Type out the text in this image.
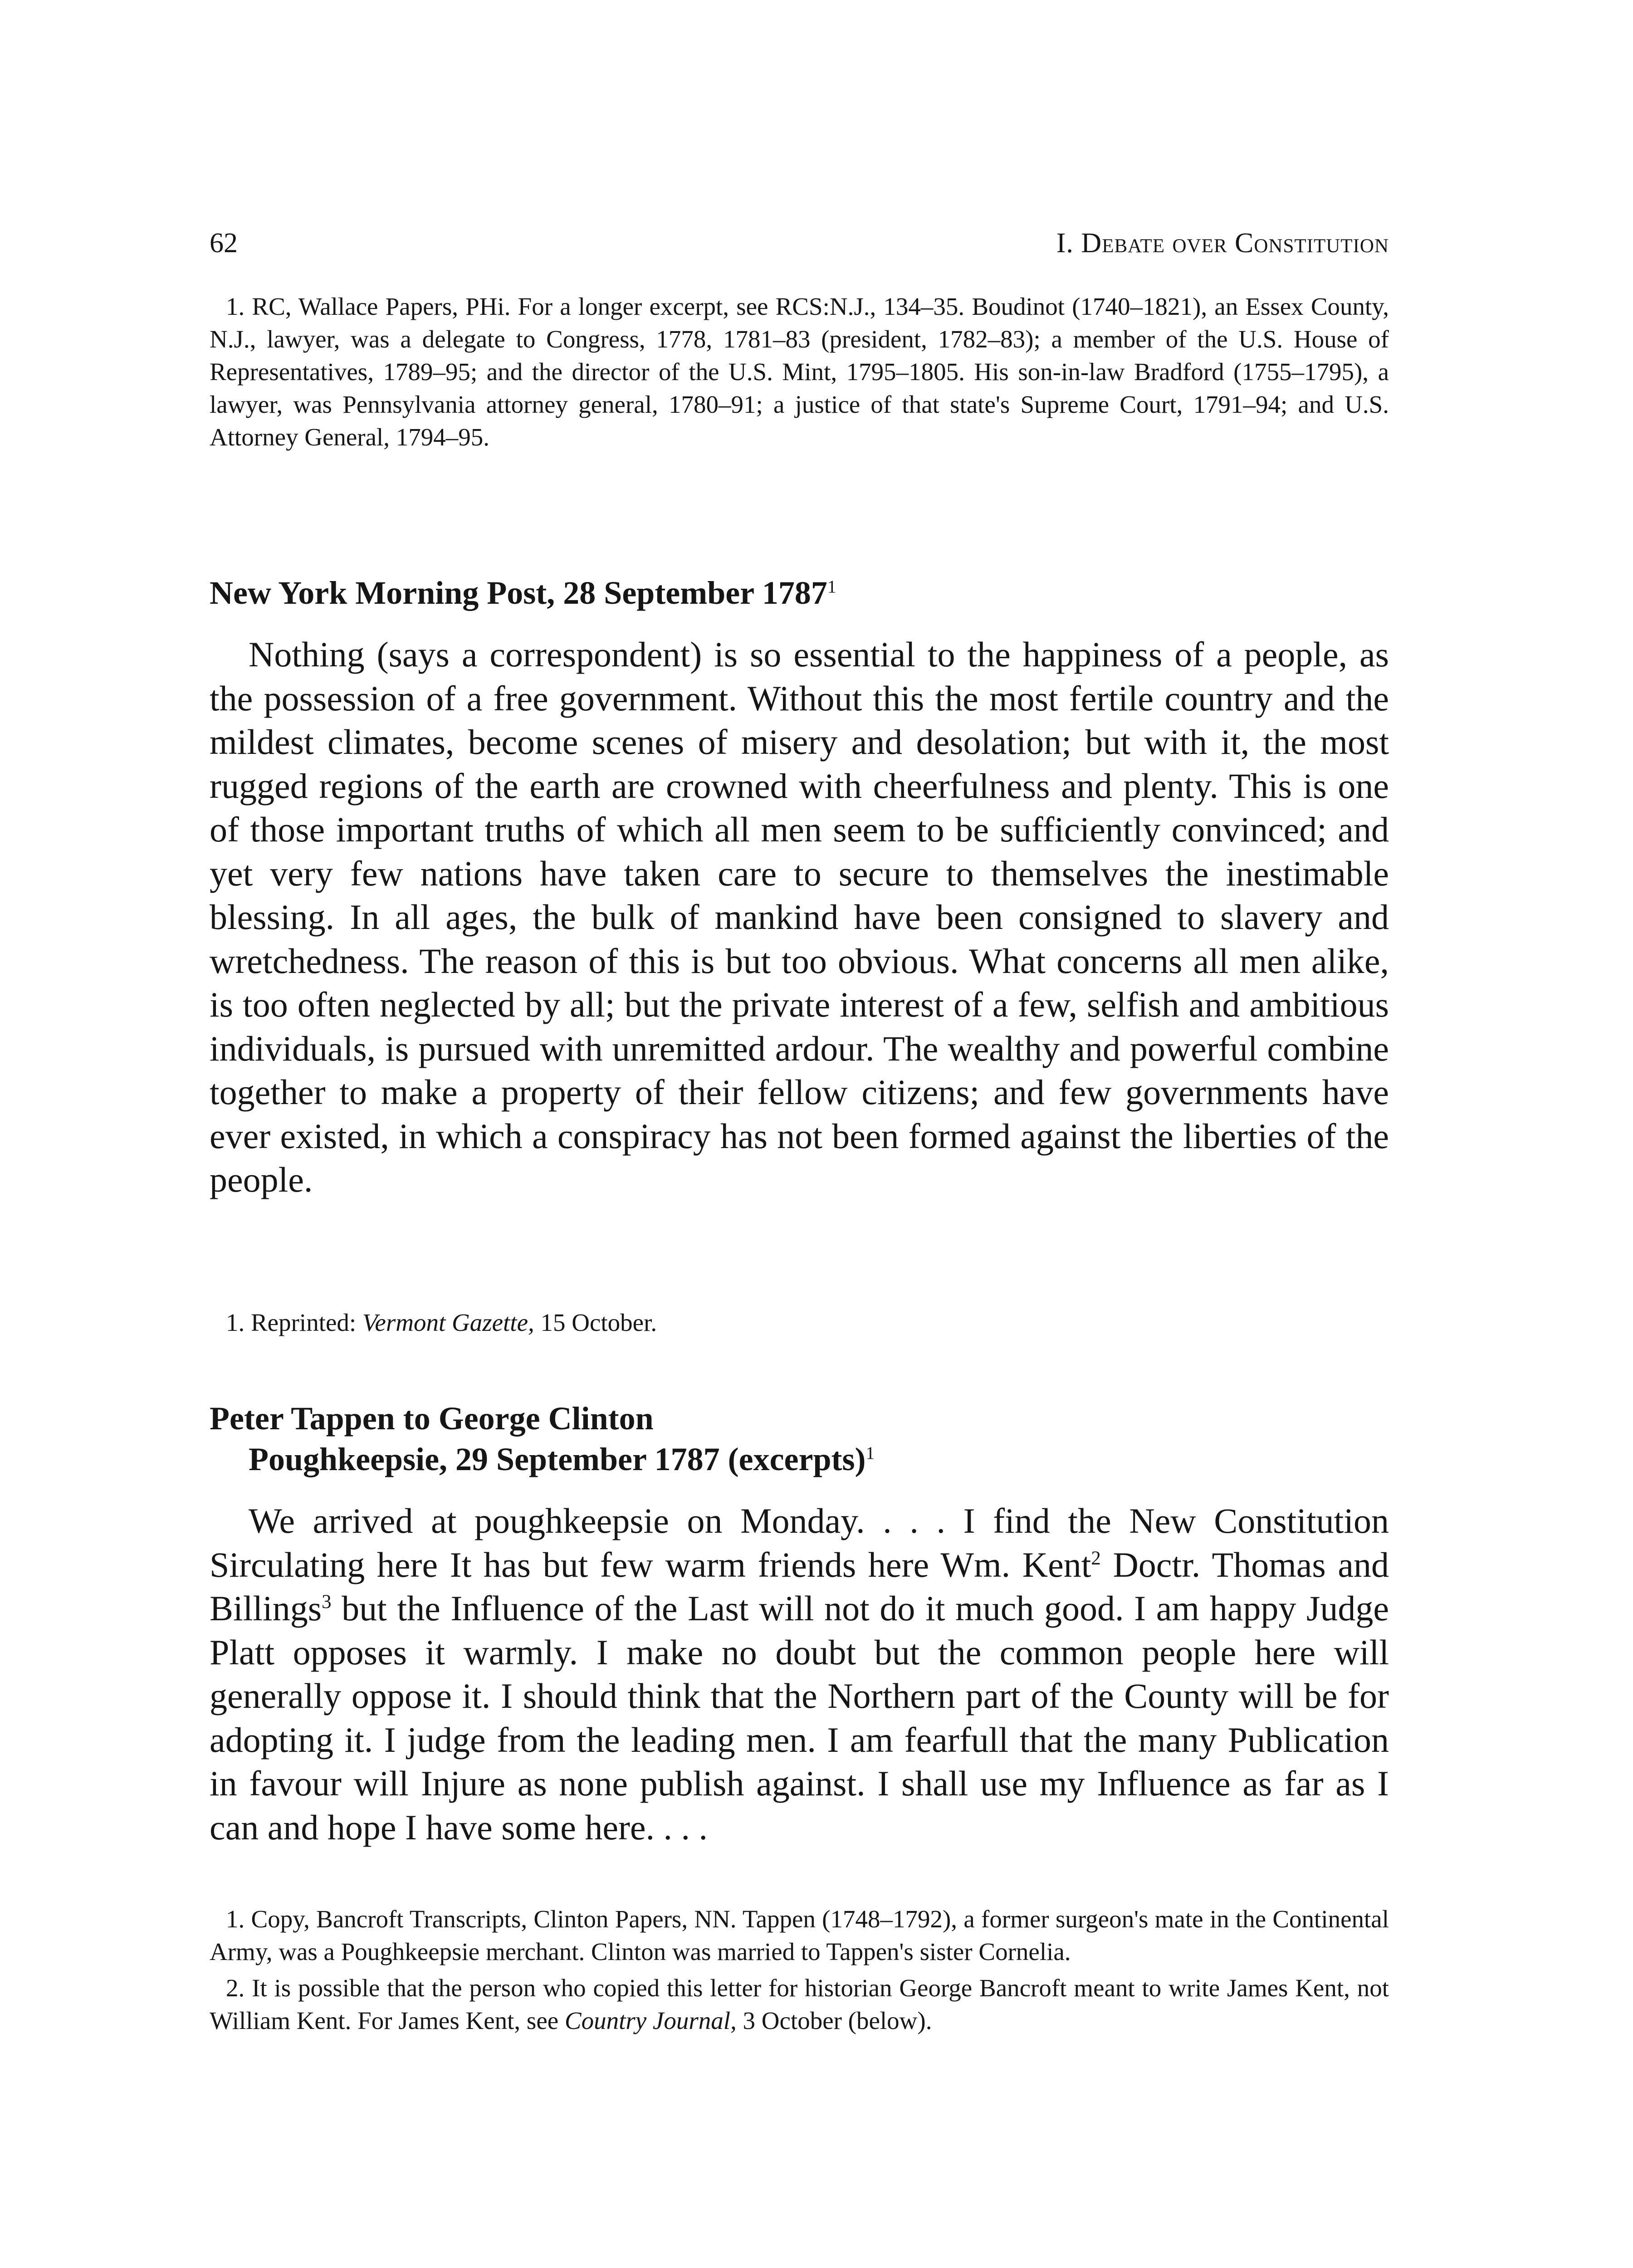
62	I. Debate over Constitution

1. RC, Wallace Papers, PHi. For a longer excerpt, see RCS:N.J., 134–35. Boudinot (1740–1821), an Essex County, N.J., lawyer, was a delegate to Congress, 1778, 1781–83 (president, 1782–83); a member of the U.S. House of Representatives, 1789–95; and the director of the U.S. Mint, 1795–1805. His son-in-law Bradford (1755–1795), a lawyer, was Pennsylvania attorney general, 1780–91; a justice of that state's Supreme Court, 1791–94; and U.S. Attorney General, 1794–95.

New York Morning Post, 28 September 1787$^1$

Nothing (says a correspondent) is so essential to the happiness of a people, as the possession of a free government. Without this the most fertile country and the mildest climates, become scenes of misery and desolation; but with it, the most rugged regions of the earth are crowned with cheerfulness and plenty. This is one of those important truths of which all men seem to be sufficiently convinced; and yet very few nations have taken care to secure to themselves the inestimable blessing. In all ages, the bulk of mankind have been consigned to slavery and wretchedness. The reason of this is but too obvious. What concerns all men alike, is too often neglected by all; but the private interest of a few, selfish and ambitious individuals, is pursued with unremitted ardour. The wealthy and powerful combine together to make a property of their fellow citizens; and few governments have ever existed, in which a conspiracy has not been formed against the liberties of the people.

1. Reprinted: Vermont Gazette, 15 October.

Peter Tappen to George Clinton
Poughkeepsie, 29 September 1787 (excerpts)$^1$

We arrived at poughkeepsie on Monday. . . . I find the New Constitution Sirculating here It has but few warm friends here Wm. Kent$^2$ Doctr. Thomas and Billings$^3$ but the Influence of the Last will not do it much good. I am happy Judge Platt opposes it warmly. I make no doubt but the common people here will generally oppose it. I should think that the Northern part of the County will be for adopting it. I judge from the leading men. I am fearfull that the many Publication in favour will Injure as none publish against. I shall use my Influence as far as I can and hope I have some here. . . .

1. Copy, Bancroft Transcripts, Clinton Papers, NN. Tappen (1748–1792), a former surgeon's mate in the Continental Army, was a Poughkeepsie merchant. Clinton was married to Tappen's sister Cornelia.

2. It is possible that the person who copied this letter for historian George Bancroft meant to write James Kent, not William Kent. For James Kent, see Country Journal, 3 October (below).
